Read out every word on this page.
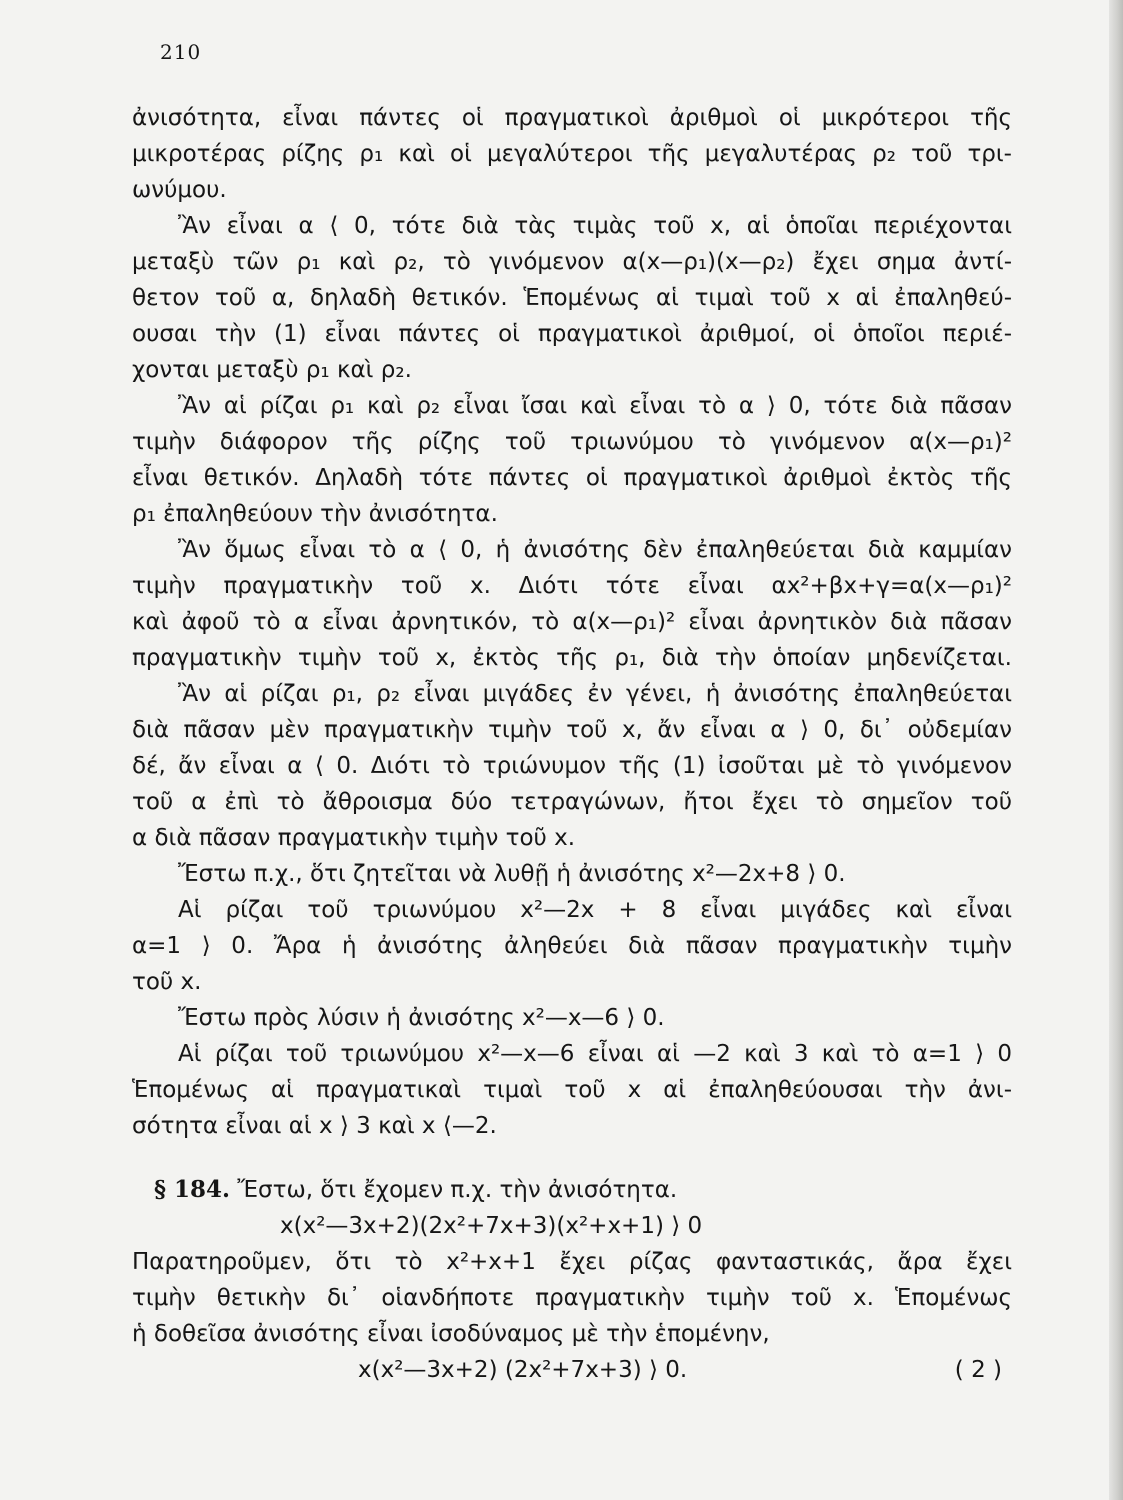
210
ἀνισότητα, εἶναι πάντες οἱ πραγματικοὶ ἀριθμοὶ οἱ μικρότεροι τῆς
μικροτέρας ρίζης ρ₁ καὶ οἱ μεγαλύτεροι τῆς μεγαλυτέρας ρ₂ τοῦ τρι-
ωνύμου.
Ἂν εἶναι α ⟨ 0, τότε διὰ τὰς τιμὰς τοῦ x, αἱ ὁποῖαι περιέχονται
μεταξὺ τῶν ρ₁ καὶ ρ₂, τὸ γινόμενον α(x—ρ₁)(x—ρ₂) ἔχει σημα ἀντί-
θετον τοῦ α, δηλαδὴ θετικόν. Ἑπομένως αἱ τιμαὶ τοῦ x αἱ ἐπαληθεύ-
ουσαι τὴν (1) εἶναι πάντες οἱ πραγματικοὶ ἀριθμοί, οἱ ὁποῖοι περιέ-
χονται μεταξὺ ρ₁ καὶ ρ₂.
Ἂν αἱ ρίζαι ρ₁ καὶ ρ₂ εἶναι ἴσαι καὶ εἶναι τὸ α ⟩ 0, τότε διὰ πᾶσαν
τιμὴν διάφορον τῆς ρίζης τοῦ τριωνύμου τὸ γινόμενον α(x—ρ₁)²
εἶναι θετικόν. Δηλαδὴ τότε πάντες οἱ πραγματικοὶ ἀριθμοὶ ἐκτὸς τῆς
ρ₁ ἐπαληθεύουν τὴν ἀνισότητα.
Ἂν ὅμως εἶναι τὸ α ⟨ 0, ἡ ἀνισότης δὲν ἐπαληθεύεται διὰ καμμίαν
τιμὴν πραγματικὴν τοῦ x. Διότι τότε εἶναι αx²+βx+γ=α(x—ρ₁)²
καὶ ἀφοῦ τὸ α εἶναι ἀρνητικόν, τὸ α(x—ρ₁)² εἶναι ἀρνητικὸν διὰ πᾶσαν
πραγματικὴν τιμὴν τοῦ x, ἐκτὸς τῆς ρ₁, διὰ τὴν ὁποίαν μηδενίζεται.
Ἂν αἱ ρίζαι ρ₁, ρ₂ εἶναι μιγάδες ἐν γένει, ἡ ἀνισότης ἐπαληθεύεται
διὰ πᾶσαν μὲν πραγματικὴν τιμὴν τοῦ x, ἄν εἶναι α ⟩ 0, δι᾽ οὐδεμίαν
δέ, ἄν εἶναι α ⟨ 0. Διότι τὸ τριώνυμον τῆς (1) ἰσοῦται μὲ τὸ γινόμενον
τοῦ α ἐπὶ τὸ ἄθροισμα δύο τετραγώνων, ἤτοι ἔχει τὸ σημεῖον τοῦ
α διὰ πᾶσαν πραγματικὴν τιμὴν τοῦ x.
Ἔστω π.χ., ὅτι ζητεῖται νὰ λυθῇ ἡ ἀνισότης x²—2x+8 ⟩ 0.
Αἱ ρίζαι τοῦ τριωνύμου x²—2x + 8 εἶναι μιγάδες καὶ εἶναι
α=1 ⟩ 0. Ἄρα ἡ ἀνισότης ἀληθεύει διὰ πᾶσαν πραγματικὴν τιμὴν
τοῦ x.
Ἔστω πρὸς λύσιν ἡ ἀνισότης x²—x—6 ⟩ 0.
Αἱ ρίζαι τοῦ τριωνύμου x²—x—6 εἶναι αἱ —2 καὶ 3 καὶ τὸ α=1 ⟩ 0
Ἑπομένως αἱ πραγματικαὶ τιμαὶ τοῦ x αἱ ἐπαληθεύουσαι τὴν ἀνι-
σότητα εἶναι αἱ x ⟩ 3 καὶ x ⟨—2.
§ 184. Ἔστω, ὅτι ἔχομεν π.χ. τὴν ἀνισότητα.
x(x²—3x+2)(2x²+7x+3)(x²+x+1) ⟩ 0
Παρατηροῦμεν, ὅτι τὸ x²+x+1 ἔχει ρίζας φανταστικάς, ἄρα ἔχει
τιμὴν θετικὴν δι᾽ οἱανδήποτε πραγματικὴν τιμὴν τοῦ x. Ἑπομένως
ἡ δοθεῖσα ἀνισότης εἶναι ἰσοδύναμος μὲ τὴν ἑπομένην,
x(x²—3x+2) (2x²+7x+3) ⟩ 0.	( 2 )
